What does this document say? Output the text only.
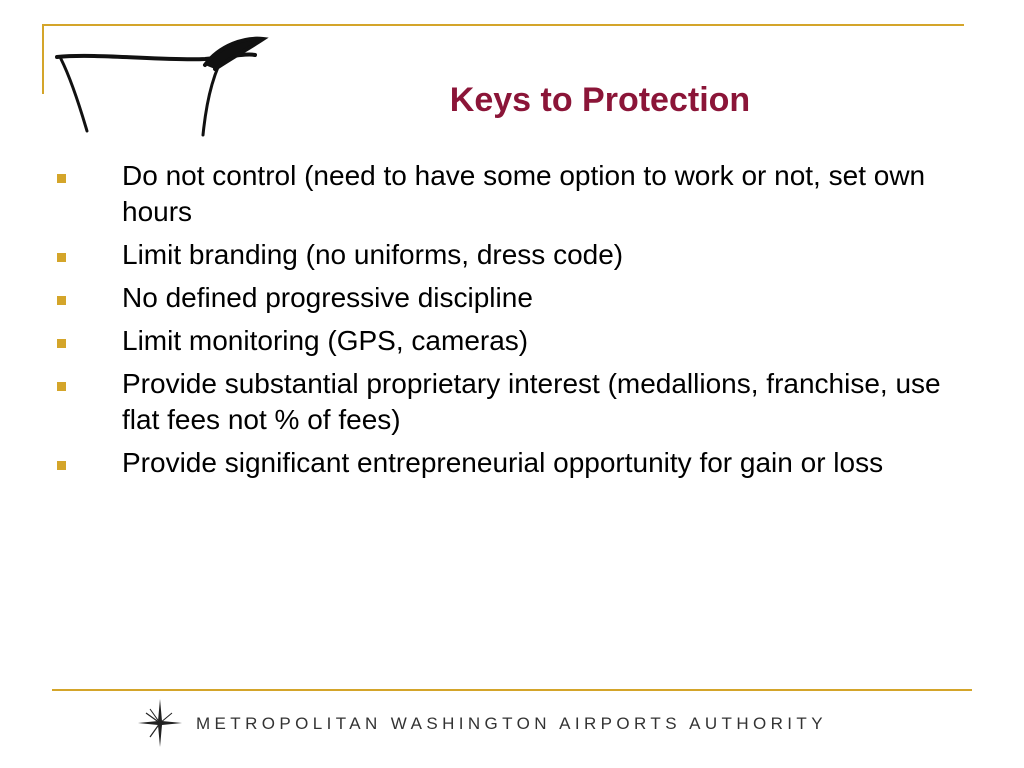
Keys to Protection
Do not control (need to have some option to work or not, set own hours
Limit branding (no uniforms, dress code)
No defined progressive discipline
Limit monitoring (GPS, cameras)
Provide substantial proprietary interest (medallions, franchise, use flat fees not % of fees)
Provide significant entrepreneurial opportunity for gain or loss
METROPOLITAN WASHINGTON AIRPORTS AUTHORITY
